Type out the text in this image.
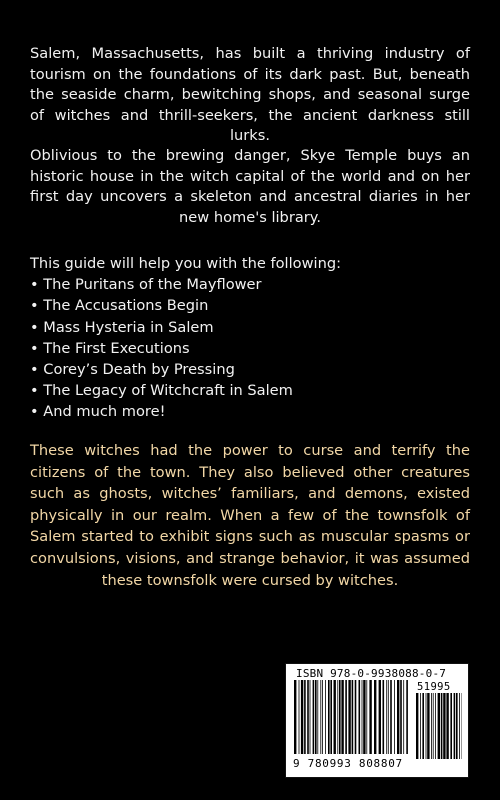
Salem, Massachusetts, has built a thriving industry of tourism on the foundations of its dark past. But, beneath the seaside charm, bewitching shops, and seasonal surge of witches and thrill-seekers, the ancient darkness still lurks.

Oblivious to the brewing danger, Skye Temple buys an historic house in the witch capital of the world and on her first day uncovers a skeleton and ancestral diaries in her new home's library.

This guide will help you with the following:
• The Puritans of the Mayflower
• The Accusations Begin
• Mass Hysteria in Salem
• The First Executions
• Corey’s Death by Pressing
• The Legacy of Witchcraft in Salem
• And much more!

These witches had the power to curse and terrify the citizens of the town. They also believed other creatures such as ghosts, witches’ familiars, and demons, existed physically in our realm. When a few of the townsfolk of Salem started to exhibit signs such as muscular spasms or convulsions, visions, and strange behavior, it was assumed these townsfolk were cursed by witches.

ISBN 978-0-9938088-0-7
51995
9 780993 808807
